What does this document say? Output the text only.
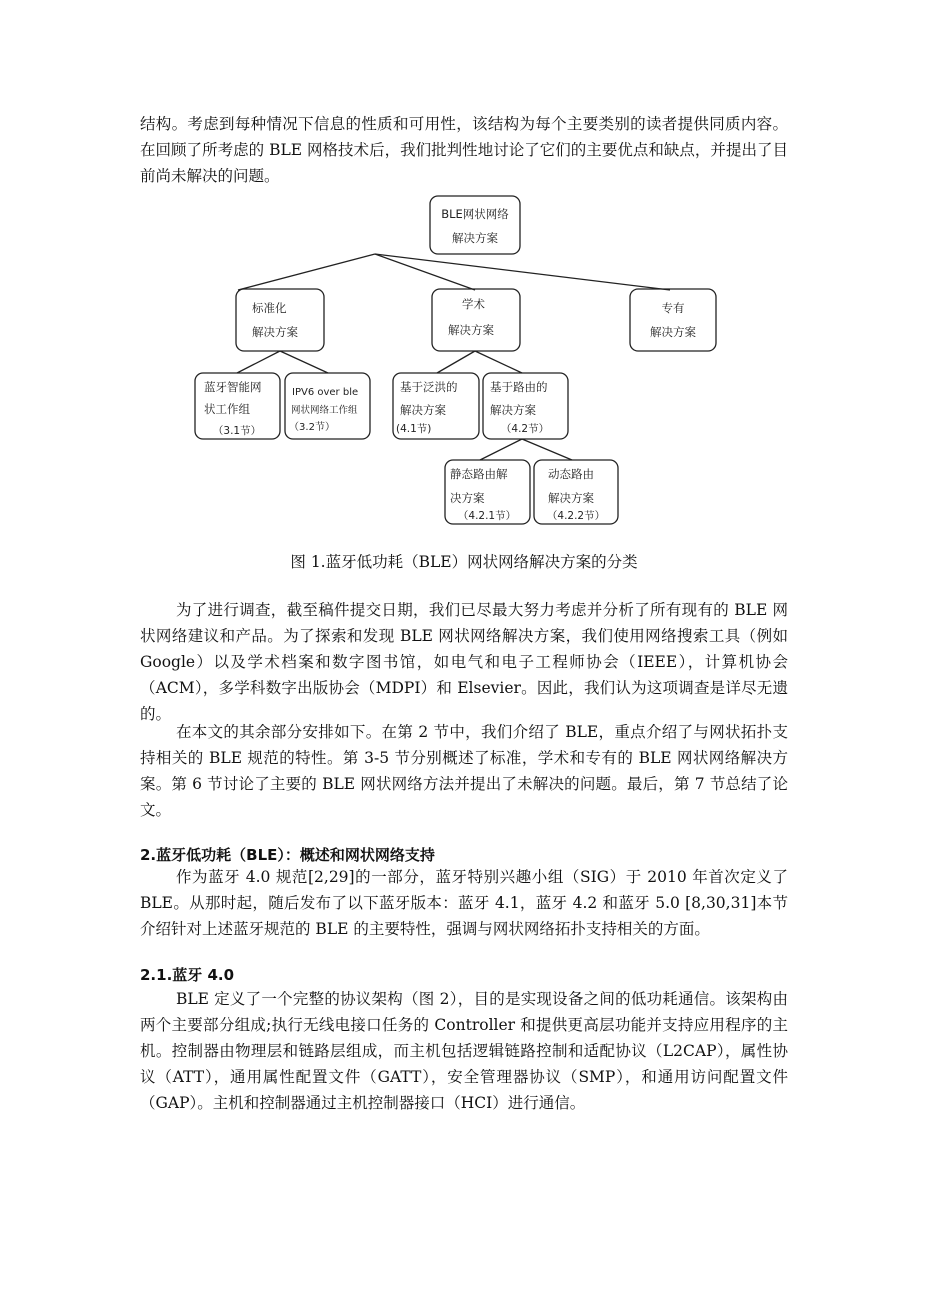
结构。考虑到每种情况下信息的性质和可用性，该结构为每个主要类别的读者提供同质内容。在回顾了所考虑的 BLE 网格技术后，我们批判性地讨论了它们的主要优点和缺点，并提出了目前尚未解决的问题。

BLE网状网络
解决方案
标准化
解决方案
学术
解决方案
专有
解决方案
蓝牙智能网
状工作组
（3.1节）
IPV6 over ble
网状网络工作组
（3.2节）
基于泛洪的
解决方案
(4.1节)
基于路由的
解决方案
（4.2节）
静态路由解
决方案
（4.2.1节）
动态路由
解决方案
（4.2.2节）

图 1.蓝牙低功耗（BLE）网状网络解决方案的分类

为了进行调查，截至稿件提交日期，我们已尽最大努力考虑并分析了所有现有的 BLE 网状网络建议和产品。为了探索和发现 BLE 网状网络解决方案，我们使用网络搜索工具（例如 Google）以及学术档案和数字图书馆，如电气和电子工程师协会（IEEE），计算机协会（ACM），多学科数字出版协会（MDPI）和 Elsevier。因此，我们认为这项调查是详尽无遗的。

在本文的其余部分安排如下。在第 2 节中，我们介绍了 BLE，重点介绍了与网状拓扑支持相关的 BLE 规范的特性。第 3-5 节分别概述了标准，学术和专有的 BLE 网状网络解决方案。第 6 节讨论了主要的 BLE 网状网络方法并提出了未解决的问题。最后，第 7 节总结了论文。

2.蓝牙低功耗（BLE）：概述和网状网络支持

作为蓝牙 4.0 规范[2,29]的一部分，蓝牙特别兴趣小组（SIG）于 2010 年首次定义了 BLE。从那时起，随后发布了以下蓝牙版本：蓝牙 4.1，蓝牙 4.2 和蓝牙 5.0 [8,30,31]本节介绍针对上述蓝牙规范的 BLE 的主要特性，强调与网状网络拓扑支持相关的方面。

2.1.蓝牙 4.0

BLE 定义了一个完整的协议架构（图 2），目的是实现设备之间的低功耗通信。该架构由两个主要部分组成;执行无线电接口任务的 Controller 和提供更高层功能并支持应用程序的主机。控制器由物理层和链路层组成，而主机包括逻辑链路控制和适配协议（L2CAP），属性协议（ATT），通用属性配置文件（GATT），安全管理器协议（SMP），和通用访问配置文件（GAP）。主机和控制器通过主机控制器接口（HCI）进行通信。
